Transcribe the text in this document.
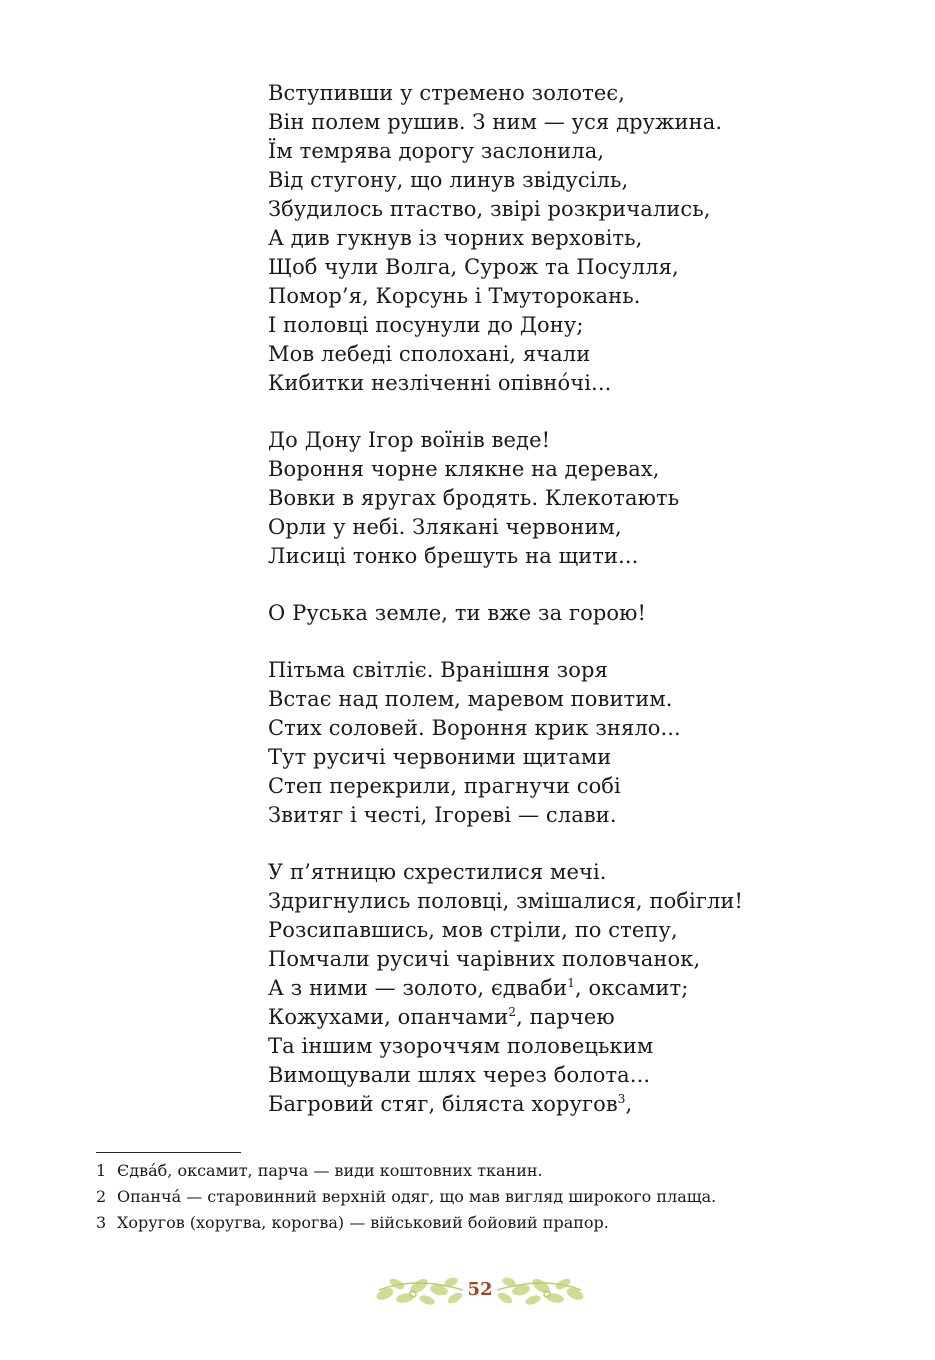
Вступивши у стремено золотеє,
Він полем рушив. З ним — уся дружина.
Їм темрява дорогу заслонила,
Від стугону, що линув звідусіль,
Збудилось птаство, звірі розкричались,
А див гукнув із чорних верховіть,
Щоб чули Волга, Сурож та Посулля,
Помор’я, Корсунь і Тмуторокань.
І половці посунули до Дону;
Мов лебеді сполохані, ячали
Кибитки незліченні опівно́чі...
До Дону Ігор воїнів веде!
Вороння чорне клякне на деревах,
Вовки в яругах бродять. Клекотають
Орли у небі. Злякані червоним,
Лисиці тонко брешуть на щити...
О Руська земле, ти вже за горою!
Пітьма світліє. Вранішня зоря
Встає над полем, маревом повитим.
Стих соловей. Вороння крик зняло...
Тут русичі червоними щитами
Степ перекрили, прагнучи собі
Звитяг і честі, Ігореві — слави.
У п’ятницю схрестилися мечі.
Здригнулись половці, змішалися, побігли!
Розсипавшись, мов стріли, по степу,
Помчали русичі чарівних половчанок,
А з ними — золото, єдваби$^1$, оксамит;
Кожухами, опанчами$^2$, парчею
Та іншим узороччям половецьким
Вимощували шлях через болота...
Багровий стяг, біляста хоругов$^3$,
1 Єдва́б, оксамит, парча — види коштовних тканин.
2 Опанча́ — старовинний верхній одяг, що мав вигляд широкого плаща.
3 Хоругов (хоругва, корогва) — військовий бойовий прапор.
52
